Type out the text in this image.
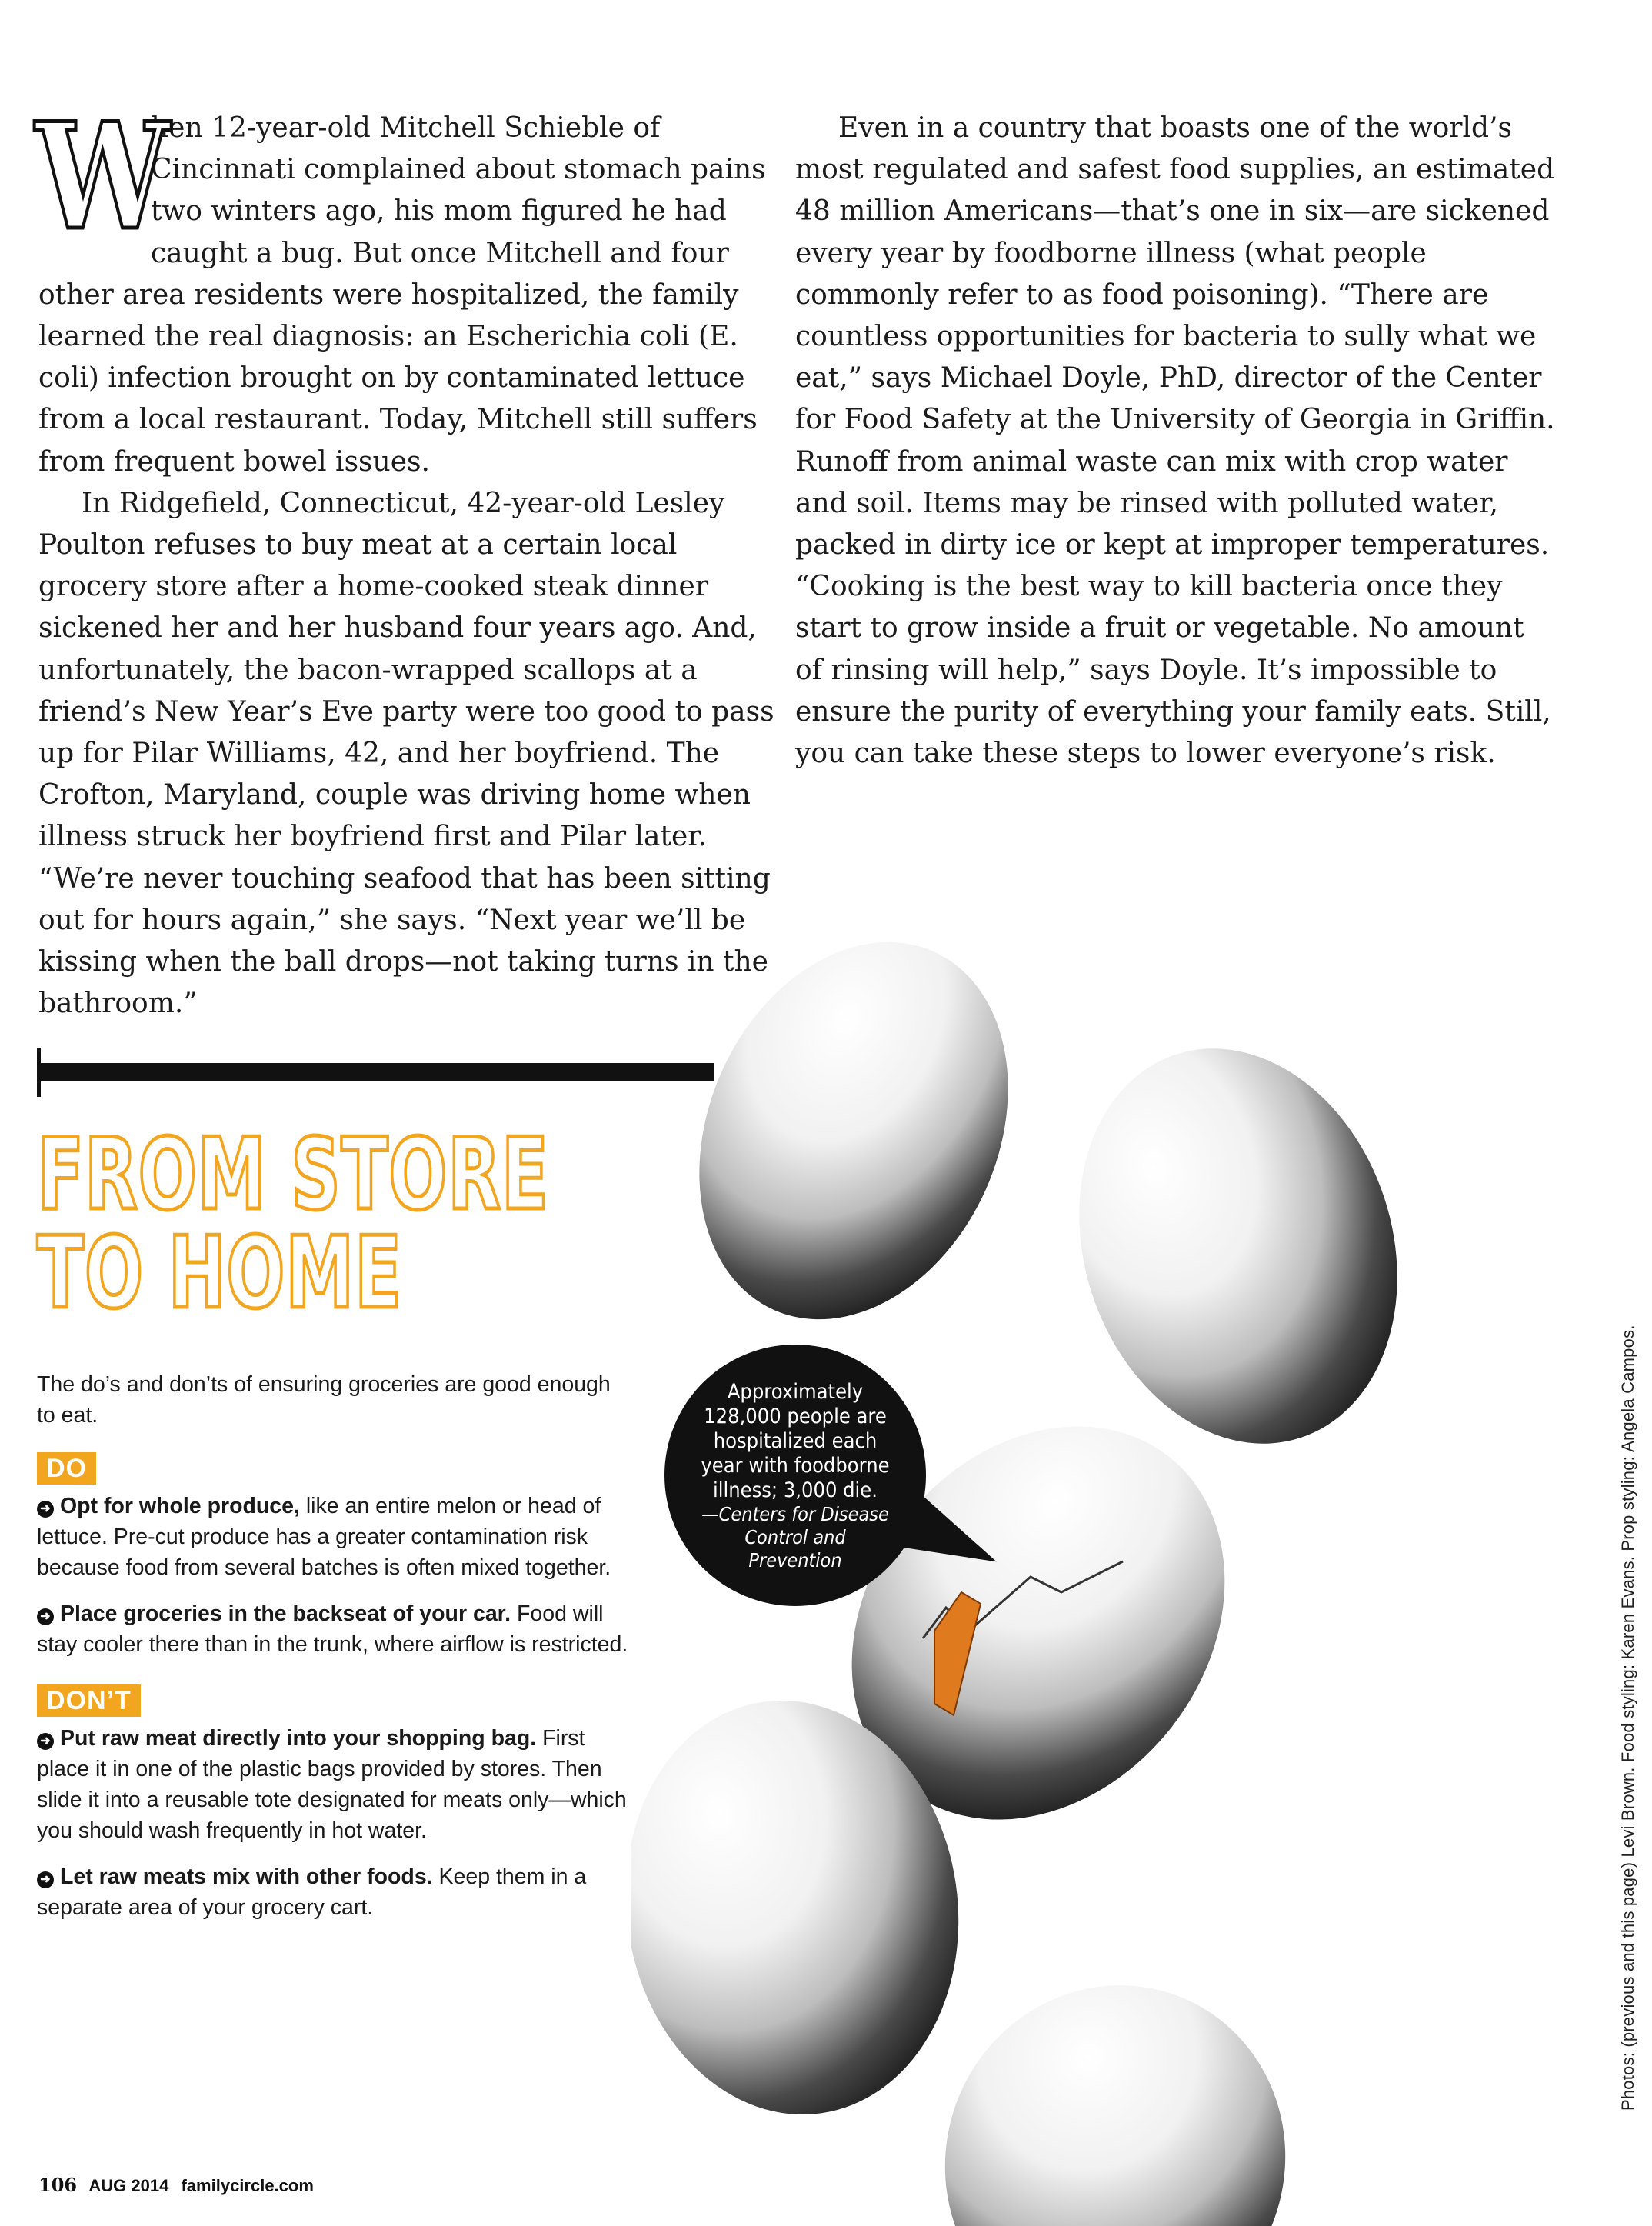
W

hen 12-year-old Mitchell Schieble of Cincinnati complained about stomach pains two winters ago, his mom figured he had caught a bug. But once Mitchell and four other area residents were hospitalized, the family learned the real diagnosis: an Escherichia coli (E. coli) infection brought on by contaminated lettuce from a local restaurant. Today, Mitchell still suffers from frequent bowel issues.

In Ridgefield, Connecticut, 42-year-old Lesley Poulton refuses to buy meat at a certain local grocery store after a home-cooked steak dinner sickened her and her husband four years ago. And, unfortunately, the bacon-wrapped scallops at a friend’s New Year’s Eve party were too good to pass up for Pilar Williams, 42, and her boyfriend. The Crofton, Maryland, couple was driving home when illness struck her boyfriend first and Pilar later. “We’re never touching seafood that has been sitting out for hours again,” she says. “Next year we’ll be kissing when the ball drops—not taking turns in the bathroom.”

Even in a country that boasts one of the world’s most regulated and safest food supplies, an estimated 48 million Americans—that’s one in six—are sickened every year by foodborne illness (what people commonly refer to as food poisoning). “There are countless opportunities for bacteria to sully what we eat,” says Michael Doyle, PhD, director of the Center for Food Safety at the University of Georgia in Griffin. Runoff from animal waste can mix with crop water and soil. Items may be rinsed with polluted water, packed in dirty ice or kept at improper temperatures. “Cooking is the best way to kill bacteria once they start to grow inside a fruit or vegetable. No amount of rinsing will help,” says Doyle. It’s impossible to ensure the purity of everything your family eats. Still, you can take these steps to lower everyone’s risk.

FROM STORE
TO HOME

The do’s and don’ts of ensuring groceries are good enough to eat.

DO

➜ Opt for whole produce, like an entire melon or head of lettuce. Pre-cut produce has a greater contamination risk because food from several batches is often mixed together.

➜ Place groceries in the backseat of your car. Food will stay cooler there than in the trunk, where airflow is restricted.

DON’T

➜ Put raw meat directly into your shopping bag. First place it in one of the plastic bags provided by stores. Then slide it into a reusable tote designated for meats only—which you should wash frequently in hot water.

➜ Let raw meats mix with other foods. Keep them in a separate area of your grocery cart.

Approximately 128,000 people are hospitalized each year with foodborne illness; 3,000 die.
—Centers for Disease Control and Prevention	Photos: (previous and this page) Levi Brown. Food styling: Karen Evans. Prop styling: Angela Campos.
106 AUG 2014 familycircle.com
